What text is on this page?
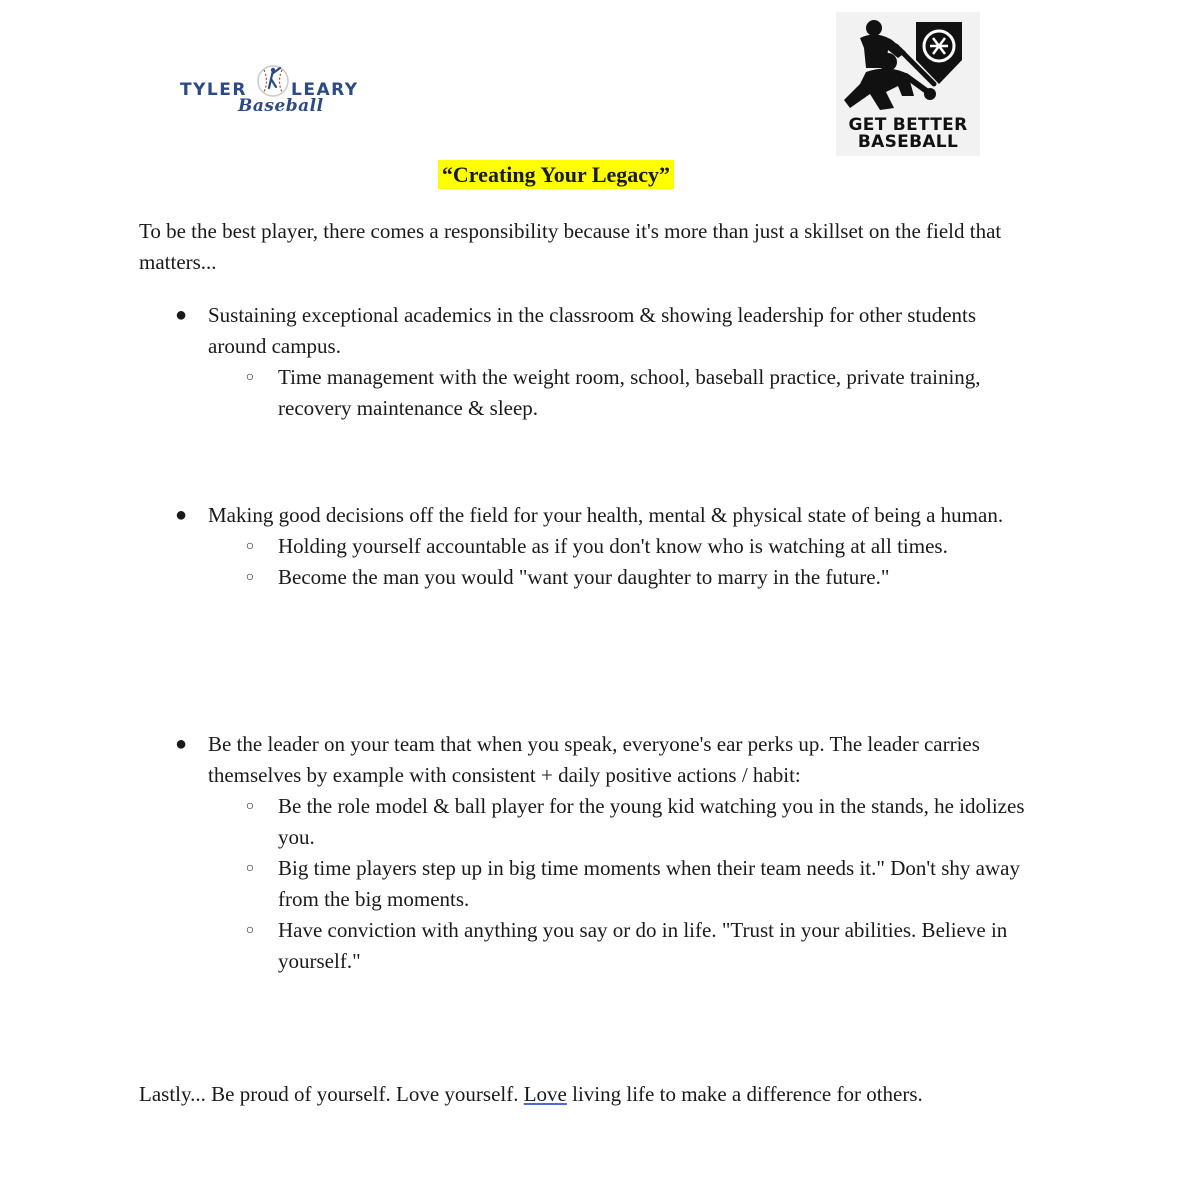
TYLER	LEARY
Baseball
GET BETTER
BASEBALL
“Creating Your Legacy”
To be the best player, there comes a responsibility because it's more than just a skillset on the field that matters...
● Sustaining exceptional academics in the classroom & showing leadership for other students around campus.
○	Time management with the weight room, school, baseball practice, private training, recovery maintenance & sleep.
● Making good decisions off the field for your health, mental & physical state of being a human.
○	Holding yourself accountable as if you don't know who is watching at all times.
○	Become the man you would "want your daughter to marry in the future."
● Be the leader on your team that when you speak, everyone's ear perks up. The leader carries themselves by example with consistent + daily positive actions / habit:
○	Be the role model & ball player for the young kid watching you in the stands, he idolizes you.
○	Big time players step up in big time moments when their team needs it." Don't shy away from the big moments.
○	Have conviction with anything you say or do in life. "Trust in your abilities. Believe in yourself."
Lastly... Be proud of yourself. Love yourself. Love living life to make a difference for others.
